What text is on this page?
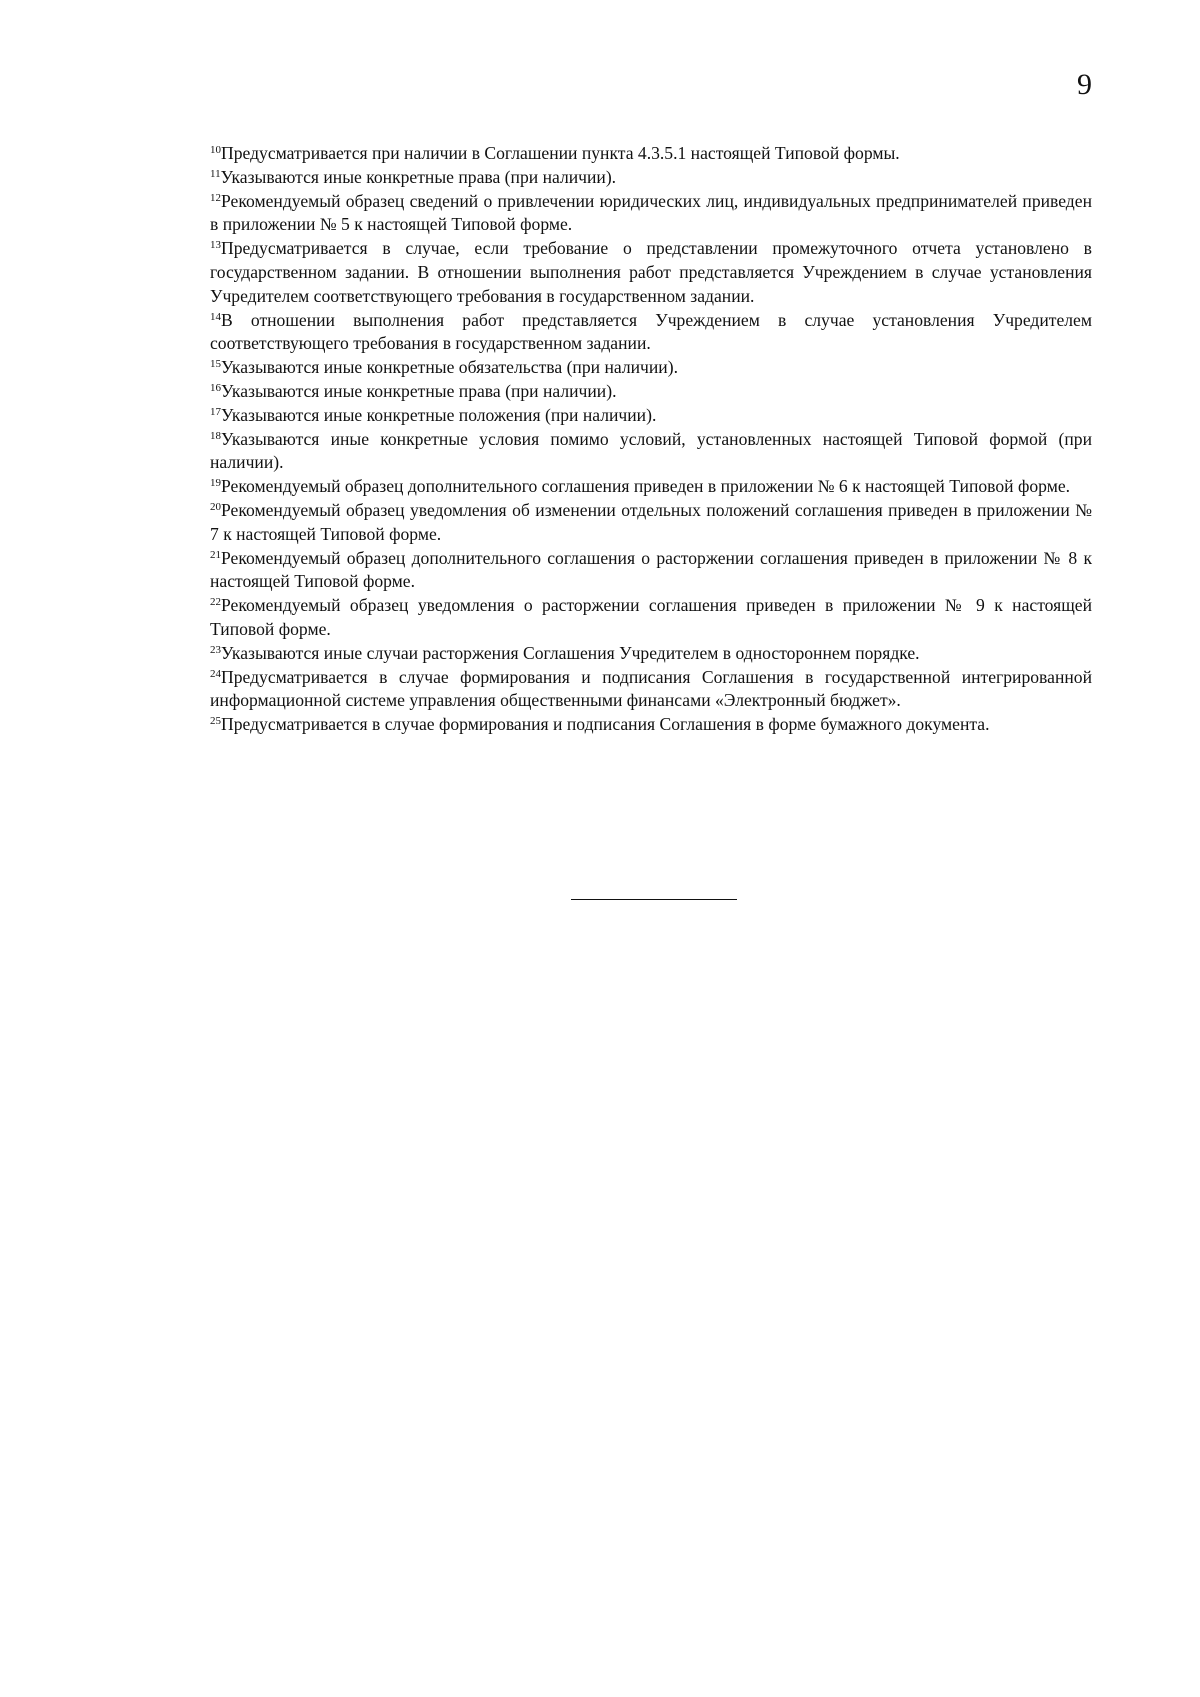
9

$^{10}$Предусматривается при наличии в Соглашении пункта 4.3.5.1 настоящей Типовой формы.

$^{11}$Указываются иные конкретные права (при наличии).

$^{12}$Рекомендуемый образец сведений о привлечении юридических лиц, индивидуальных предпринимателей приведен в приложении № 5 к настоящей Типовой форме.

$^{13}$Предусматривается в случае, если требование о представлении промежуточного отчета установлено в государственном задании. В отношении выполнения работ представляется Учреждением в случае установления Учредителем соответствующего требования в государственном задании.

$^{14}$В отношении выполнения работ представляется Учреждением в случае установления Учредителем соответствующего требования в государственном задании.

$^{15}$Указываются иные конкретные обязательства (при наличии).

$^{16}$Указываются иные конкретные права (при наличии).

$^{17}$Указываются иные конкретные положения (при наличии).

$^{18}$Указываются иные конкретные условия помимо условий, установленных настоящей Типовой формой (при наличии).

$^{19}$Рекомендуемый образец дополнительного соглашения приведен в приложении № 6 к настоящей Типовой форме.

$^{20}$Рекомендуемый образец уведомления об изменении отдельных положений соглашения приведен в приложении № 7 к настоящей Типовой форме.

$^{21}$Рекомендуемый образец дополнительного соглашения о расторжении соглашения приведен в приложении № 8 к настоящей Типовой форме.

$^{22}$Рекомендуемый образец уведомления о расторжении соглашения приведен в приложении № 9 к настоящей Типовой форме.

$^{23}$Указываются иные случаи расторжения Соглашения Учредителем в одностороннем порядке.

$^{24}$Предусматривается в случае формирования и подписания Соглашения в государственной интегрированной информационной системе управления общественными финансами «Электронный бюджет».

$^{25}$Предусматривается в случае формирования и подписания Соглашения в форме бумажного документа.
